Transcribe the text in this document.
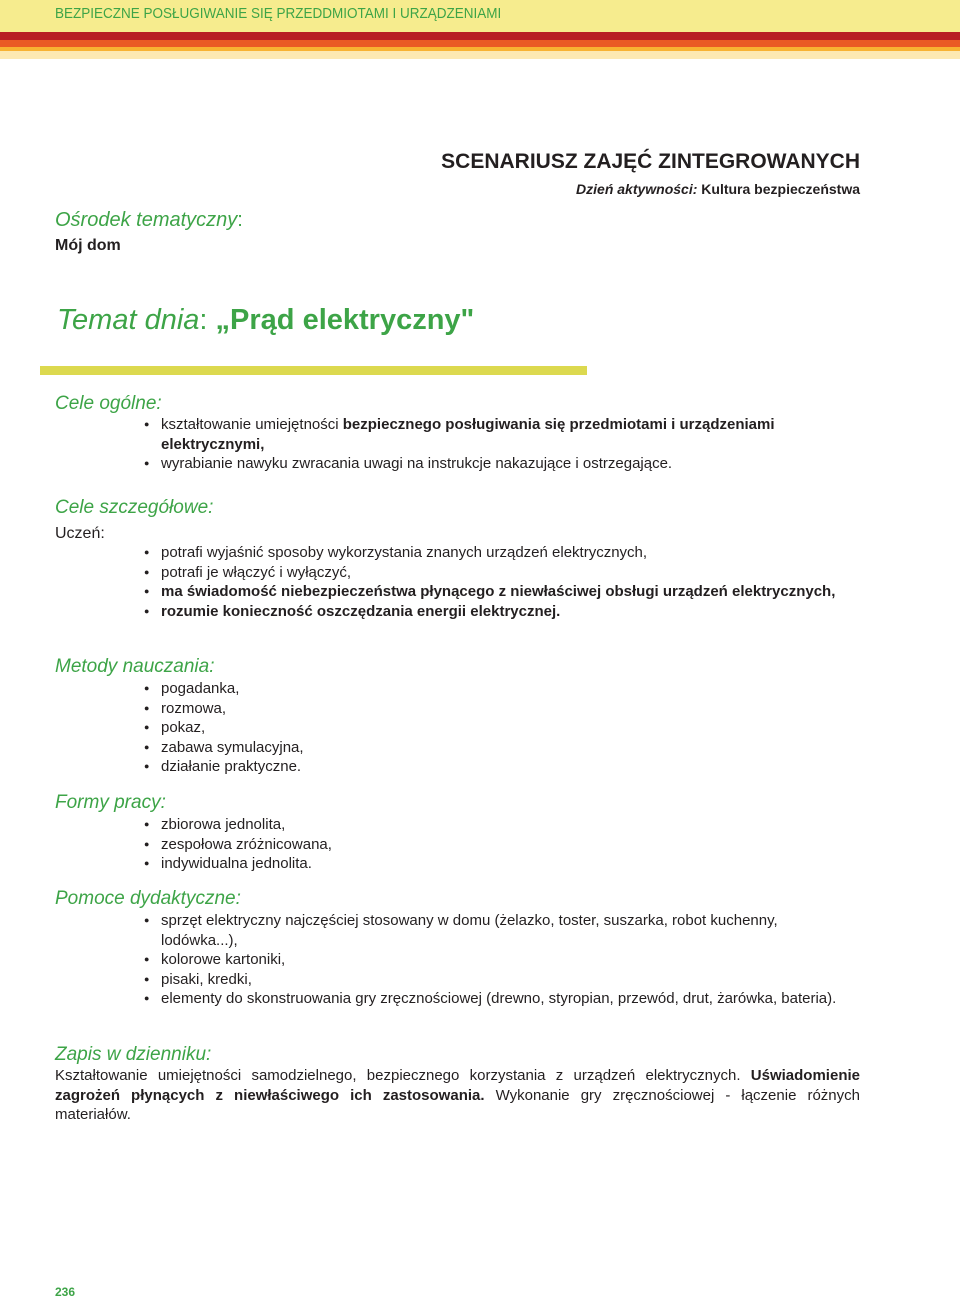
BEZPIECZNE POSŁUGIWANIE SIĘ PRZEDDMIOTAMI I URZĄDZENIAMI
SCENARIUSZ ZAJĘĆ ZINTEGROWANYCH
Dzień aktywności: Kultura bezpieczeństwa
Ośrodek tematyczny:
Mój dom
Temat dnia: „Prąd elektryczny"
Cele ogólne:
● kształtowanie umiejętności bezpiecznego posługiwania się przedmiotami i urządzeniami elektrycznymi,
● wyrabianie nawyku zwracania uwagi na instrukcje nakazujące i ostrzegające.
Cele szczegółowe:
Uczeń:
● potrafi wyjaśnić sposoby wykorzystania znanych urządzeń elektrycznych,
● potrafi je włączyć i wyłączyć,
● ma świadomość niebezpieczeństwa płynącego z niewłaściwej obsługi urządzeń elektrycznych,
● rozumie konieczność oszczędzania energii elektrycznej.
Metody nauczania:
● pogadanka,
● rozmowa,
● pokaz,
● zabawa symulacyjna,
● działanie praktyczne.
Formy pracy:
● zbiorowa jednolita,
● zespołowa zróżnicowana,
● indywidualna jednolita.
Pomoce dydaktyczne:
● sprzęt elektryczny najczęściej stosowany w domu (żelazko, toster, suszarka, robot kuchenny, lodówka...),
● kolorowe kartoniki,
● pisaki, kredki,
● elementy do skonstruowania gry zręcznościowej (drewno, styropian, przewód, drut, żarówka, bateria).
Zapis w dzienniku:
Kształtowanie umiejętności samodzielnego, bezpiecznego korzystania z urządzeń elektrycznych. Uświadomienie zagrożeń płynących z niewłaściwego ich zastosowania. Wykonanie gry zręcznościowej - łączenie różnych materiałów.
236
